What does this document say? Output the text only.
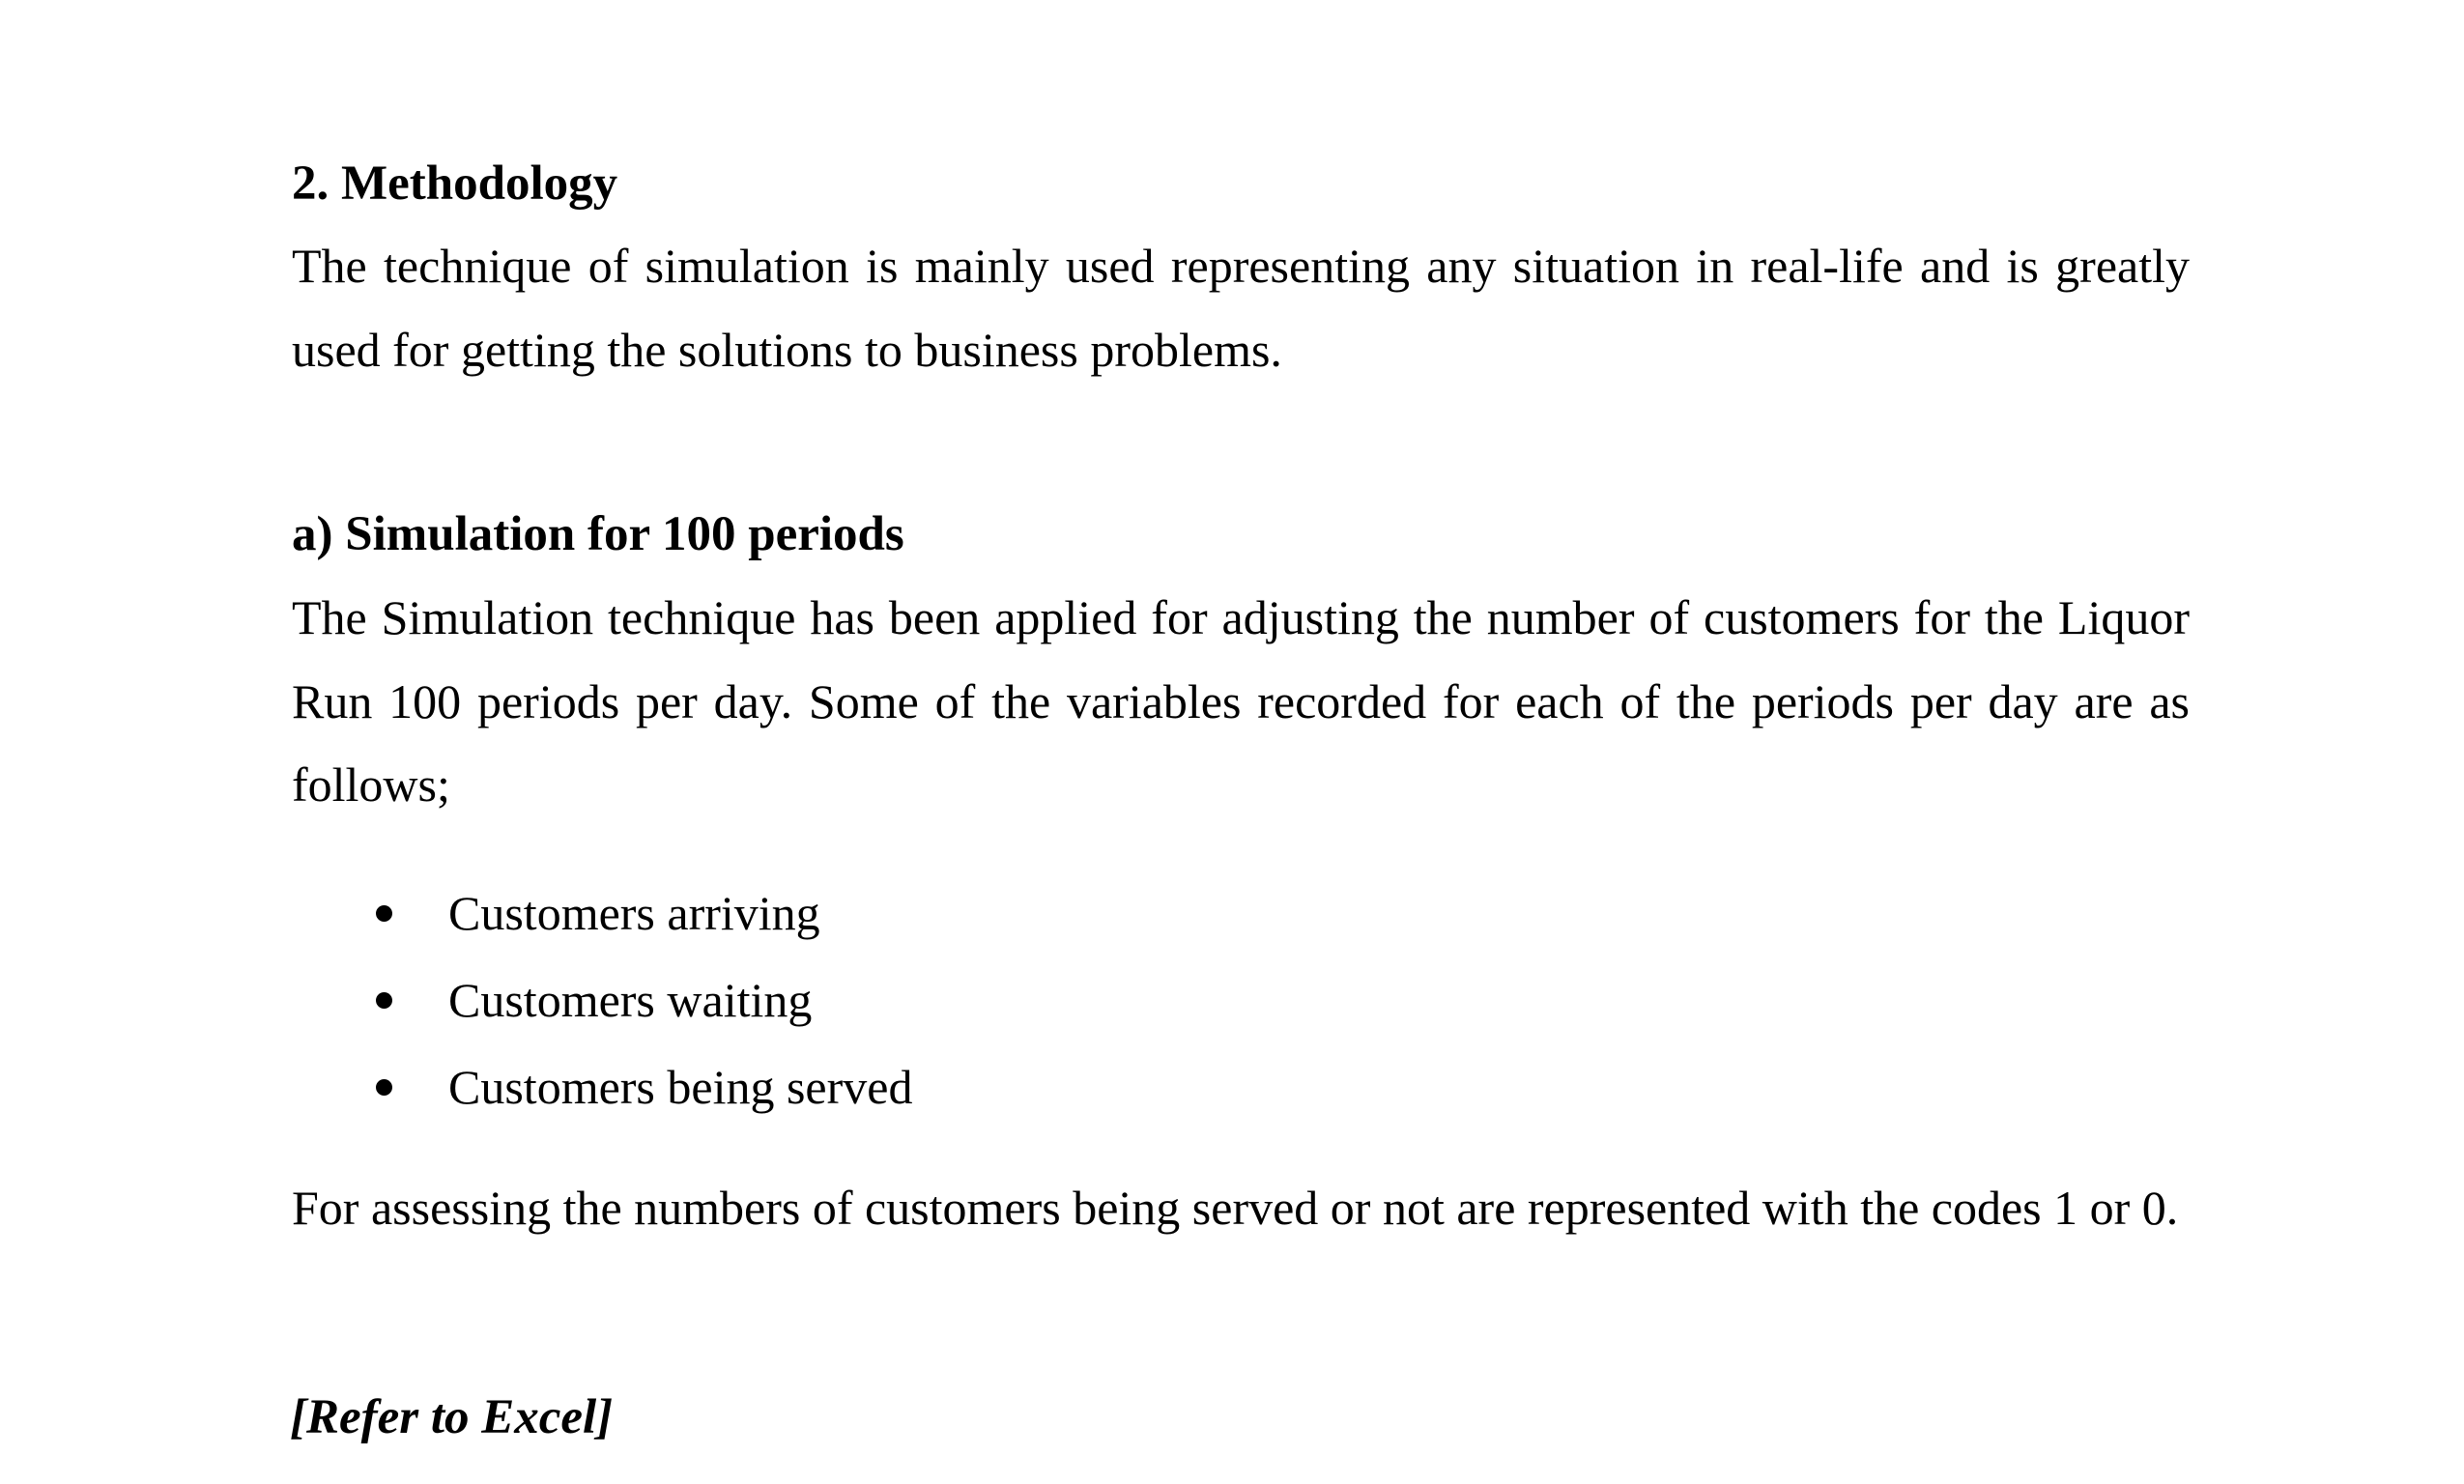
2. Methodology
The technique of simulation is mainly used representing any situation in real-life and is greatly used for getting the solutions to business problems.
a) Simulation for 100 periods
The Simulation technique has been applied for adjusting the number of customers for the Liquor Run 100 periods per day. Some of the variables recorded for each of the periods per day are as follows;
Customers arriving
Customers waiting
Customers being served
For assessing the numbers of customers being served or not are represented with the codes 1 or 0.
[Refer to Excel]
